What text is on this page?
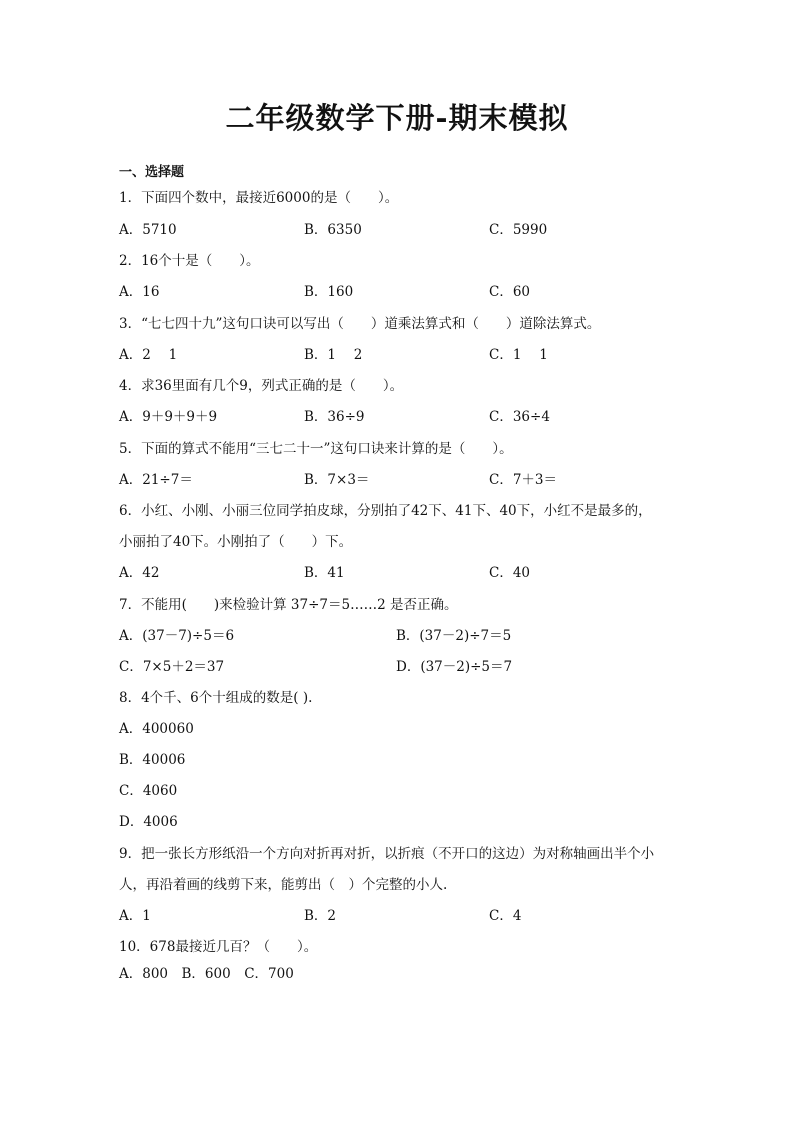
二年级数学下册-期末模拟
一、选择题
1．下面四个数中，最接近6000的是（　　）。
A．5710	B．6350	C．5990
2．16个十是（　　）。
A．16	B．160	C．60
3．“七七四十九”这句口诀可以写出（　　）道乘法算式和（　　）道除法算式。
A．2　 1	B．1　 2	C．1　 1
4．求36里面有几个9，列式正确的是（　　）。
A．9＋9＋9＋9	B．36÷9	C．36÷4
5．下面的算式不能用“三七二十一”这句口诀来计算的是（　　）。
A．21÷7＝	B．7×3＝	C．7＋3＝
6．小红、小刚、小丽三位同学拍皮球，分别拍了42下、41下、40下，小红不是最多的，
小丽拍了40下。小刚拍了（　　）下。
A．42	B．41	C．40
7．不能用(　　)来检验计算 37÷7＝5……2 是否正确。
A．(37－7)÷5＝6	B．(37－2)÷7＝5
C．7×5＋2＝37	D．(37－2)÷5＝7
8．4个千、6个十组成的数是( ).
A．400060
B．40006
C．4060
D．4006
9．把一张长方形纸沿一个方向对折再对折，以折痕（不开口的这边）为对称轴画出半个小
人，再沿着画的线剪下来，能剪出（　）个完整的小人.
A．1	B．2	C．4
10．678最接近几百？（　　）。
A．800　B．600　C．700
